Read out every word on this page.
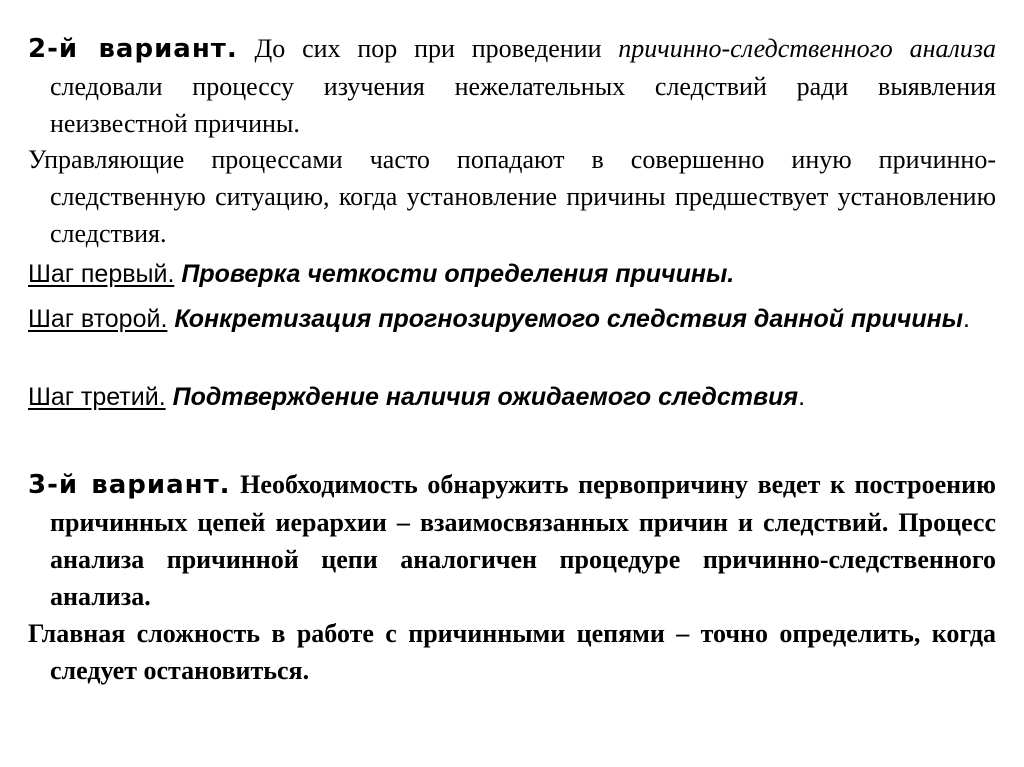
2-й вариант. До сих пор при проведении причинно-следственного анализа следовали процессу изучения нежелательных следствий ради выявления неизвестной причины.

Управляющие процессами часто попадают в совершенно иную причинно-следственную ситуацию, когда установление причины предшествует установлению следствия.

Шаг первый. Проверка четкости определения причины.

Шаг второй. Конкретизация прогнозируемого следствия данной причины.

Шаг третий. Подтверждение наличия ожидаемого следствия.

3-й вариант. Необходимость обнаружить первопричину ведет к построению причинных цепей иерархии – взаимосвязанных причин и следствий. Процесс анализа причинной цепи аналогичен процедуре причинно-следственного анализа.

Главная сложность в работе с причинными цепями – точно определить, когда следует остановиться.
